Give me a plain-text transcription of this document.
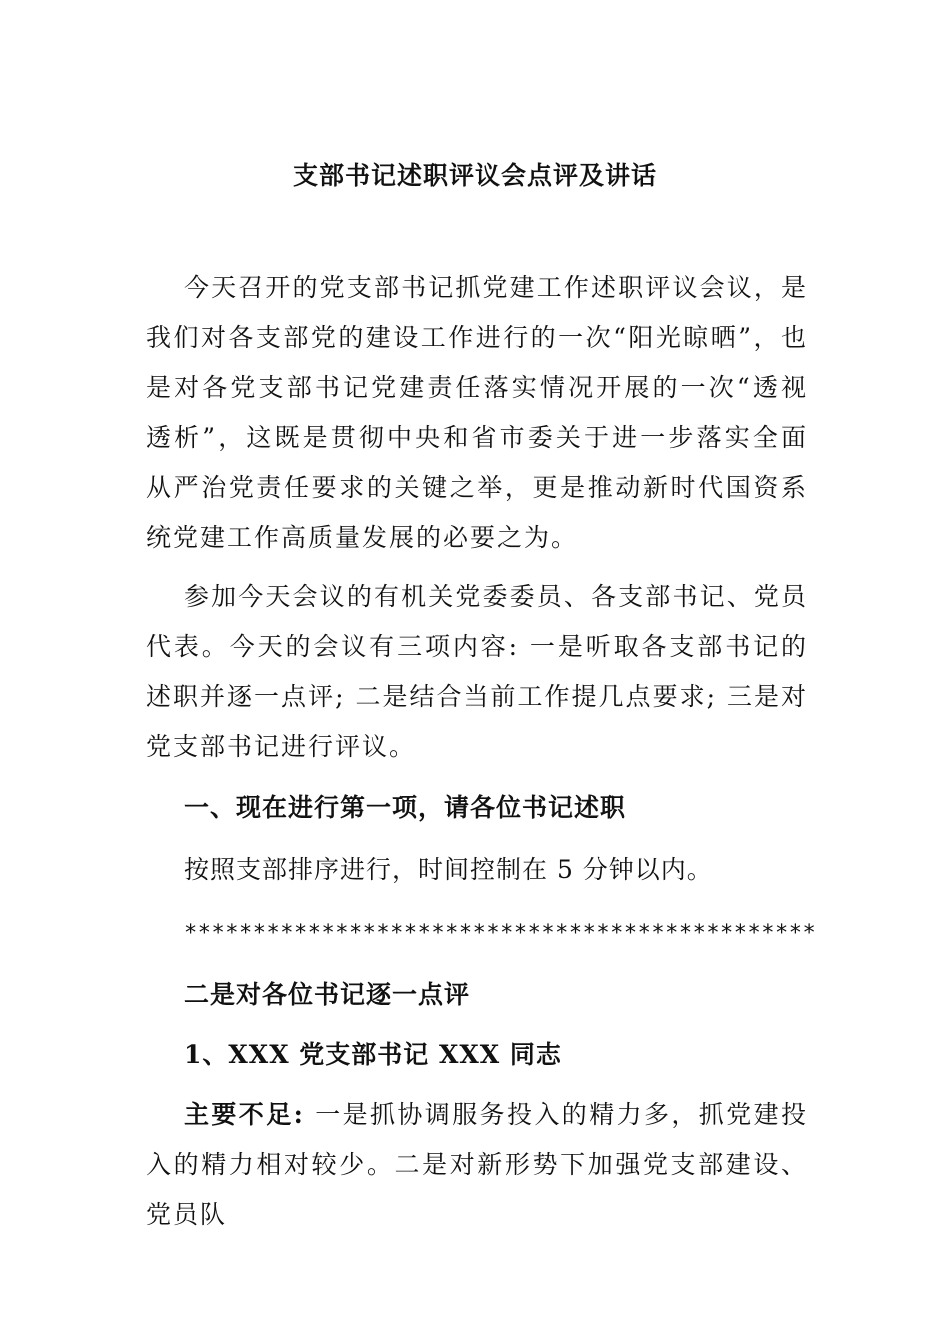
支部书记述职评议会点评及讲话

今天召开的党支部书记抓党建工作述职评议会议，是我们对各支部党的建设工作进行的一次“阳光晾晒”，也是对各党支部书记党建责任落实情况开展的一次“透视透析”，这既是贯彻中央和省市委关于进一步落实全面从严治党责任要求的关键之举，更是推动新时代国资系统党建工作高质量发展的必要之为。

参加今天会议的有机关党委委员、各支部书记、党员代表。今天的会议有三项内容: 一是听取各支部书记的述职并逐一点评; 二是结合当前工作提几点要求; 三是对党支部书记进行评议。

一、现在进行第一项，请各位书记述职
按照支部排序进行，时间控制在 5 分钟以内。
**********************************************
二是对各位书记逐一点评
1、XXX 党支部书记 XXX 同志

主要不足: 一是抓协调服务投入的精力多，抓党建投入的精力相对较少。二是对新形势下加强党支部建设、党员队
